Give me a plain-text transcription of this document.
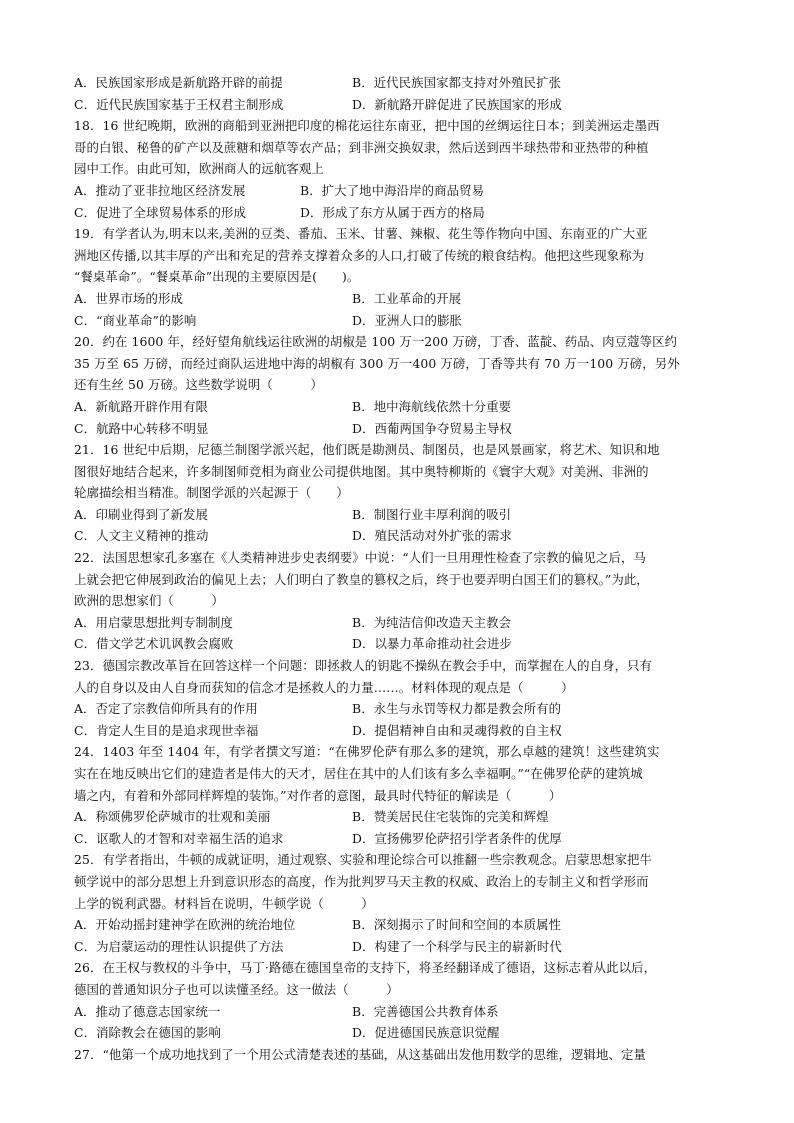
A．民族国家形成是新航路开辟的前提	B．近代民族国家都支持对外殖民扩张
C．近代民族国家基于王权君主制形成	D．新航路开辟促进了民族国家的形成
18．16 世纪晚期，欧洲的商船到亚洲把印度的棉花运往东南亚，把中国的丝绸运往日本；到美洲运走墨西
哥的白银、秘鲁的矿产以及蔗糖和烟草等农产品；到非洲交换奴隶，然后送到西半球热带和亚热带的种植
园中工作。由此可知，欧洲商人的远航客观上
A．推动了亚非拉地区经济发展	B．扩大了地中海沿岸的商品贸易
C．促进了全球贸易体系的形成	D．形成了东方从属于西方的格局
19．有学者认为,明末以来,美洲的豆类、番茄、玉米、甘薯、辣椒、花生等作物向中国、东南亚的广大亚
洲地区传播,以其丰厚的产出和充足的营养支撑着众多的人口,打破了传统的粮食结构。他把这些现象称为
“餐桌革命”。“餐桌革命”出现的主要原因是(　　)。
A．世界市场的形成	B．工业革命的开展
C．“商业革命”的影响	D．亚洲人口的膨胀
20．约在 1600 年，经好望角航线运往欧洲的胡椒是 100 万一200 万磅，丁香、蓝靛、药品、肉豆蔻等区约
35 万至 65 万磅，而经过商队运进地中海的胡椒有 300 万一400 万磅，丁香等共有 70 万一100 万磅，另外
还有生丝 50 万磅。这些数学说明（　　　）
A．新航路开辟作用有限	B．地中海航线依然十分重要
C．航路中心转移不明显	D．西葡两国争夺贸易主导权
21．16 世纪中后期，尼德兰制图学派兴起，他们既是勘测员、制图员，也是风景画家，将艺术、知识和地
图很好地结合起来，许多制图师竞相为商业公司提供地图。其中奥特柳斯的《寰宇大观》对美洲、非洲的
轮廓描绘相当精准。制图学派的兴起源于（　　）
A．印刷业得到了新发展	B．制图行业丰厚利润的吸引
C．人文主义精神的推动	D．殖民活动对外扩张的需求
22．法国思想家孔多塞在《人类精神进步史表纲要》中说：“人们一旦用理性检查了宗教的偏见之后，马
上就会把它伸展到政治的偏见上去；人们明白了教皇的篡权之后，终于也要弄明白国王们的篡权。”为此，
欧洲的思想家们（　　　）
A．用启蒙思想批判专制制度	B．为纯洁信仰改造天主教会
C．借文学艺术讥讽教会腐败	D．以暴力革命推动社会进步
23．德国宗教改革旨在回答这样一个问题：即拯救人的钥匙不操纵在教会手中，而掌握在人的自身，只有
人的自身以及由人自身而获知的信念才是拯救人的力量……。材料体现的观点是（　　　）
A．否定了宗教信仰所具有的作用	B．永生与永罚等权力都是教会所有的
C．肯定人生目的是追求现世幸福	D．提倡精神自由和灵魂得救的自主权
24．1403 年至 1404 年，有学者撰文写道：“在佛罗伦萨有那么多的建筑，那么卓越的建筑！这些建筑实
实在在地反映出它们的建造者是伟大的天才，居住在其中的人们该有多么幸福啊。”“在佛罗伦萨的建筑城
墙之内，有着和外部同样辉煌的装饰。”对作者的意图，最具时代特征的解读是（　　　）
A．称颂佛罗伦萨城市的壮观和美丽	B．赞美居民住宅装饰的完美和辉煌
C．讴歌人的才智和对幸福生活的追求	D．宣扬佛罗伦萨招引学者条件的优厚
25．有学者指出，牛顿的成就证明，通过观察、实验和理论综合可以推翻一些宗教观念。启蒙思想家把牛
顿学说中的部分思想上升到意识形态的高度，作为批判罗马天主教的权威、政治上的专制主义和哲学形而
上学的锐利武器。材料旨在说明，牛顿学说（　　　）
A．开始动摇封建神学在欧洲的统治地位	B．深刻揭示了时间和空间的本质属性
C．为启蒙运动的理性认识提供了方法	D．构建了一个科学与民主的崭新时代
26．在王权与教权的斗争中，马丁·路德在德国皇帝的支持下，将圣经翻译成了德语，这标志着从此以后，
德国的普通知识分子也可以读懂圣经。这一做法（　　　）
A．推动了德意志国家统一	B．完善德国公共教育体系
C．消除教会在德国的影响	D．促进德国民族意识觉醒
27．“他第一个成功地找到了一个用公式清楚表述的基础，从这基础出发他用数学的思维，逻辑地、定量
